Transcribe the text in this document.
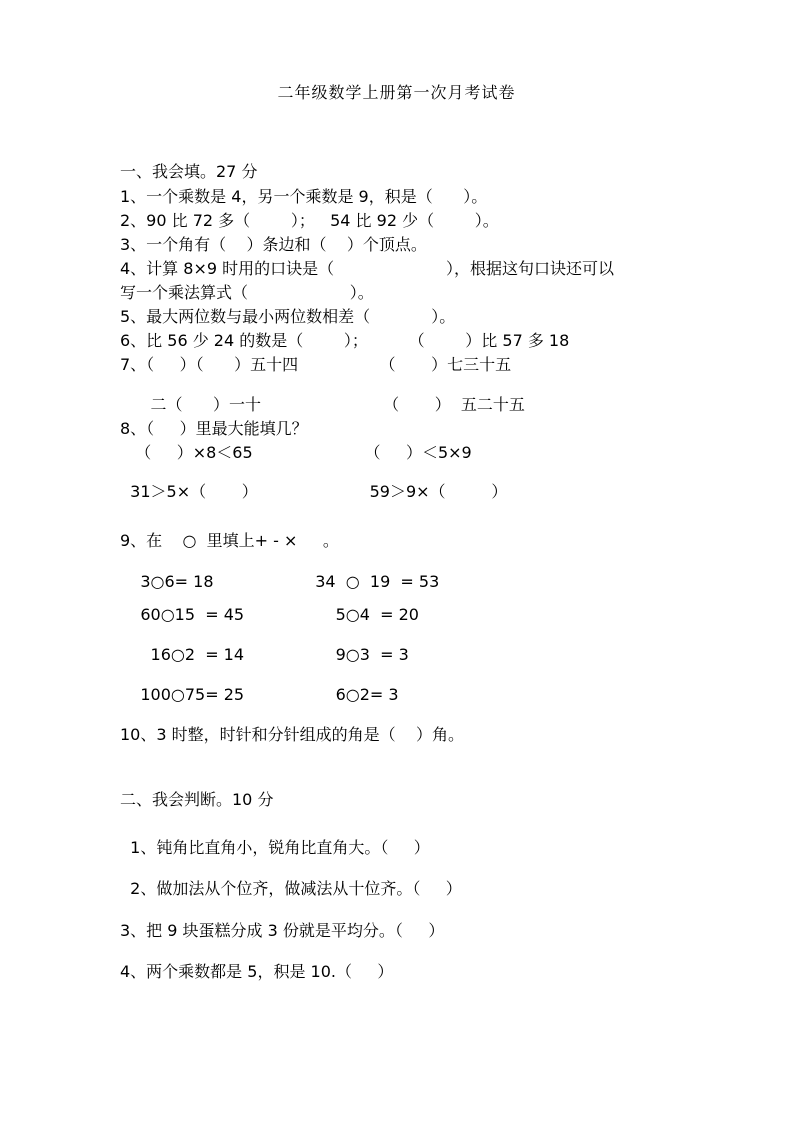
二年级数学上册第一次月考试卷
一、我会填。27 分
1、一个乘数是 4，另一个乘数是 9，积是（      ）。
2、90 比 72 多（        ）；   54 比 92 少（        ）。
3、一个角有（    ）条边和（    ）个顶点。
4、计算 8×9 时用的口诀是（                      ），根据这句口诀还可以
写一个乘法算式（                    ）。
5、最大两位数与最小两位数相差（            ）。
6、比 56 少 24 的数是（        ）；        （        ）比 57 多 18
7、（     ）（      ）五十四                （       ）七三十五
二（      ）一十                        （       ）  五二十五
8、（     ）里最大能填几？
（     ）×8＜65                      （     ）＜5×9
31＞5×（       ）                      59＞9×（         ）
9、在    ○  里填上+ - ×     。
3○6= 18                    34  ○  19  = 53
60○15  = 45                  5○4  = 20
16○2  = 14                  9○3  = 3
100○75= 25                  6○2= 3
10、3 时整，时针和分针组成的角是（    ）角。
二、我会判断。10 分
1、钝角比直角小，锐角比直角大。（     ）
2、做加法从个位齐，做减法从十位齐。（     ）
3、把 9 块蛋糕分成 3 份就是平均分。（     ）
4、两个乘数都是 5，积是 10.（     ）
